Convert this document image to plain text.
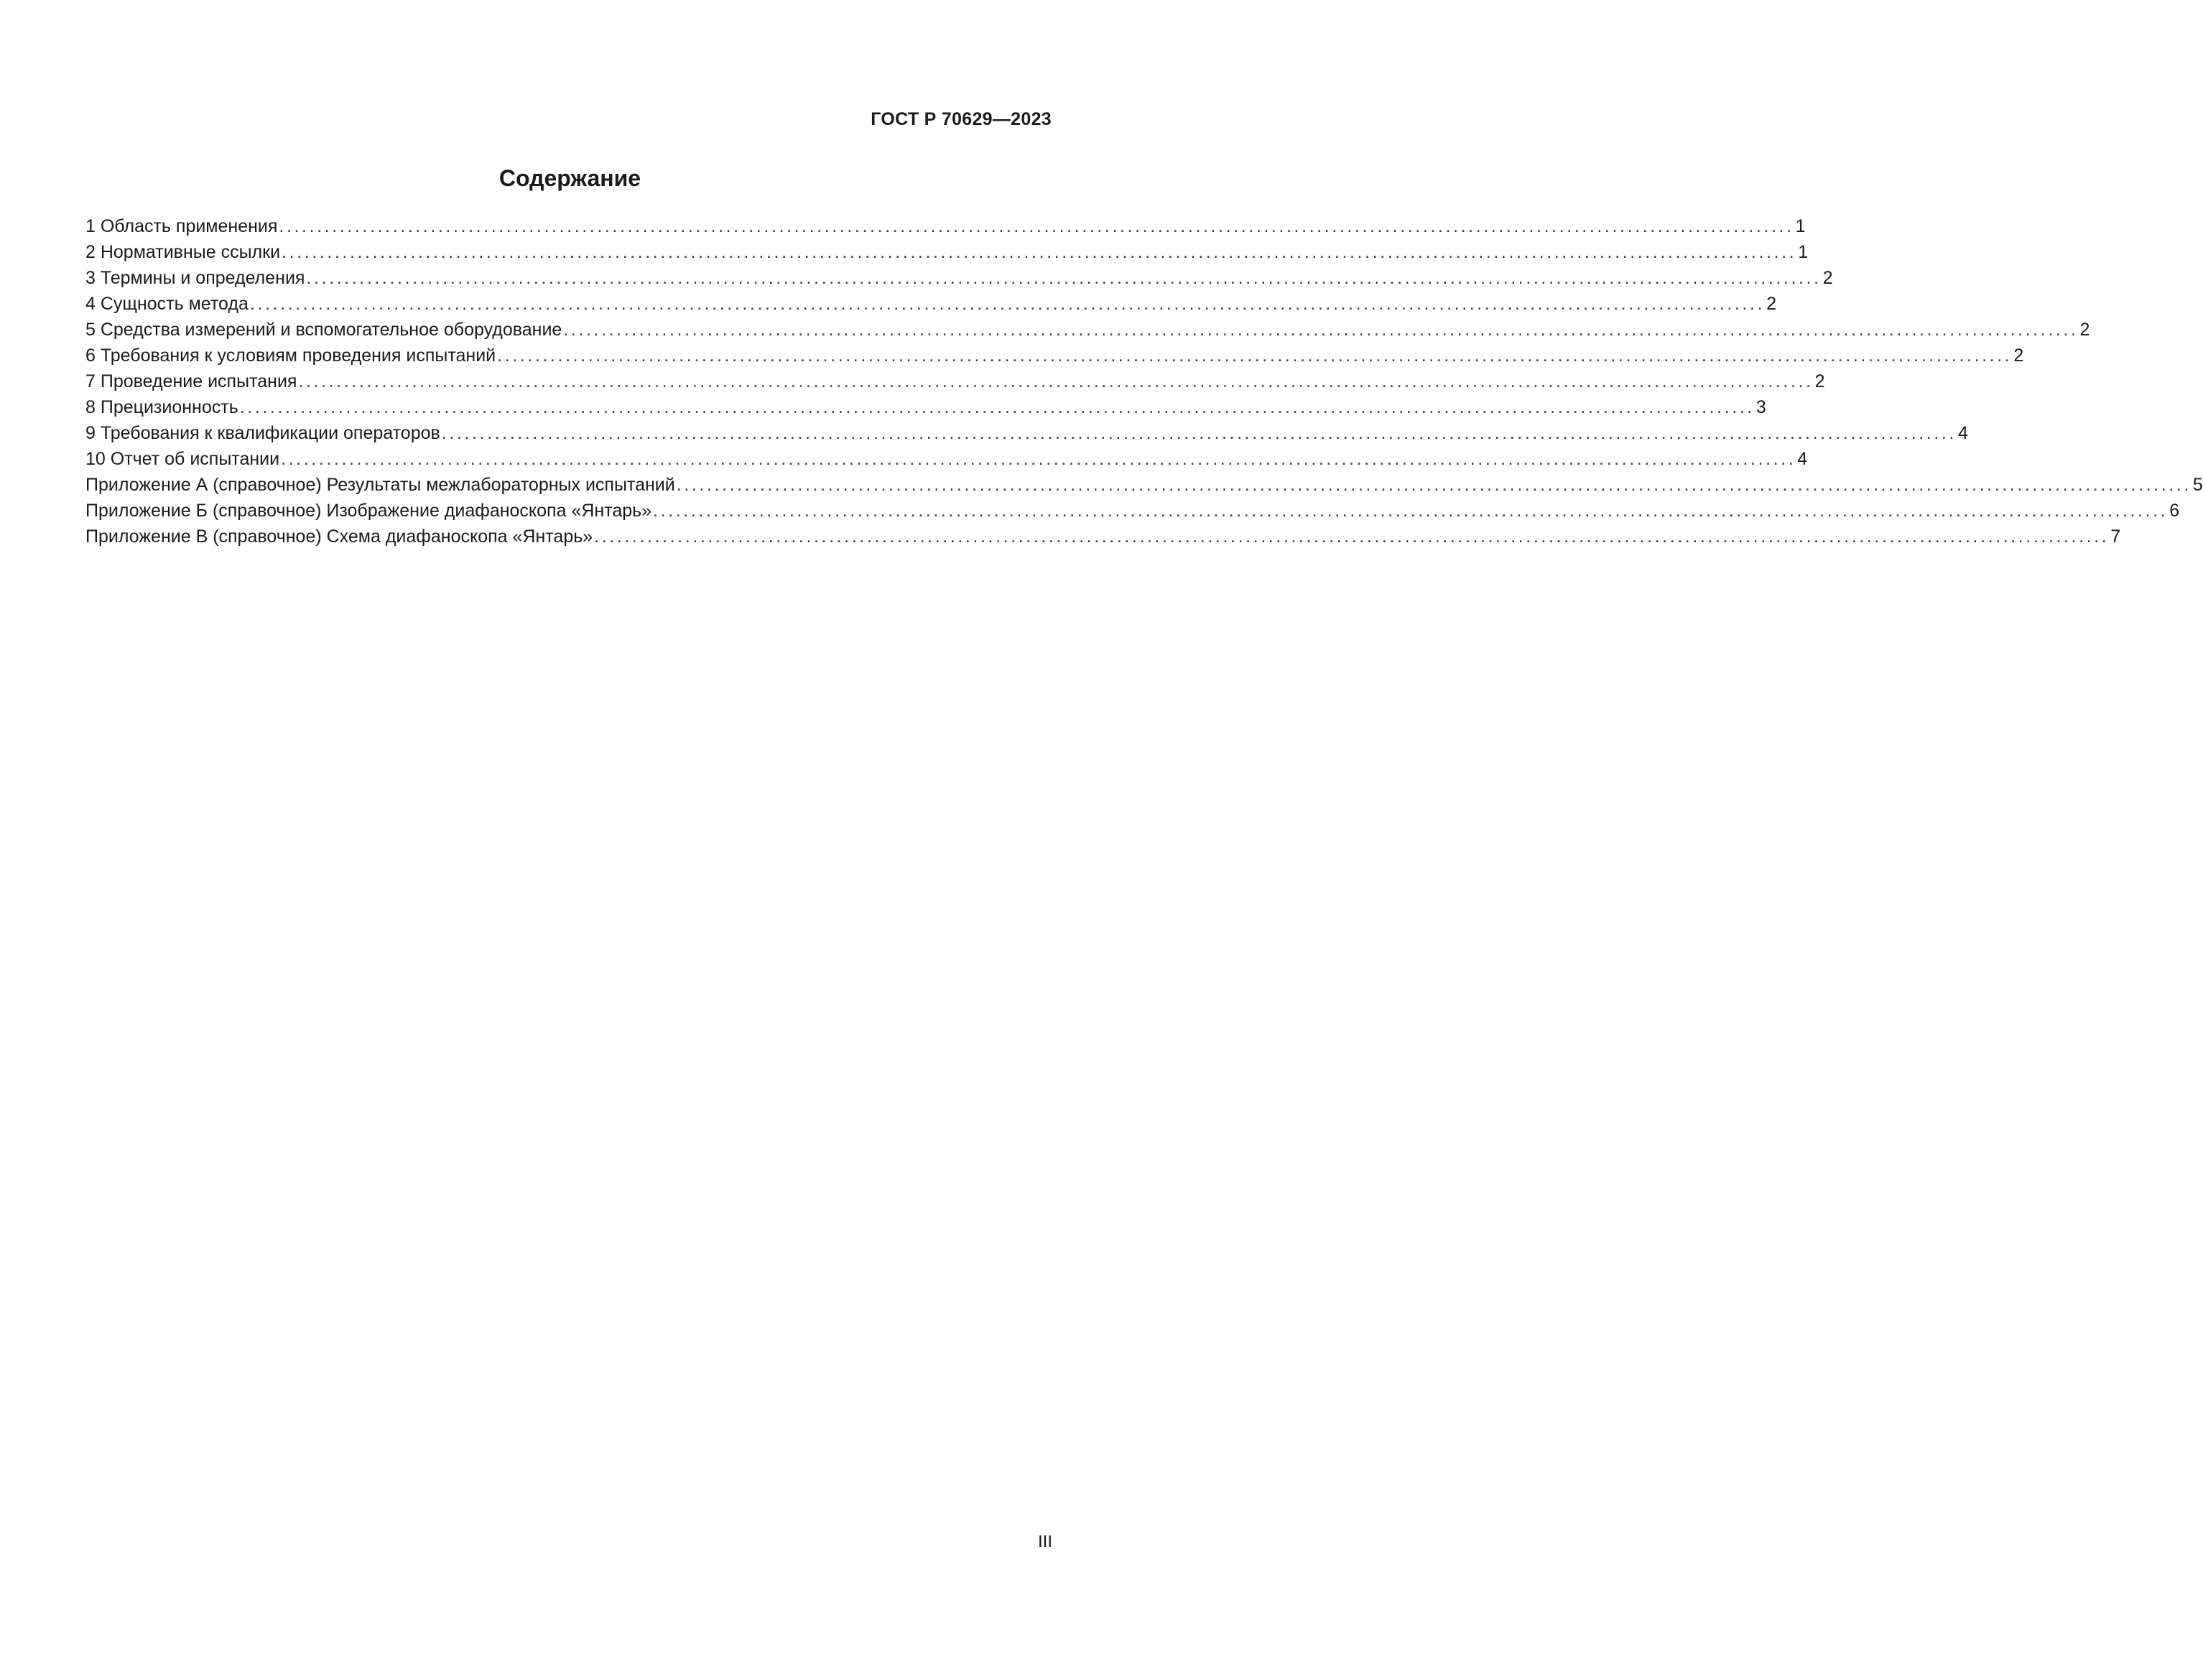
ГОСТ Р 70629—2023
Содержание
1 Область применения ........................................................................................................................................................................................................ 1
2 Нормативные ссылки ........................................................................................................................................................................................................ 1
3 Термины и определения ........................................................................................................................................................................................................ 2
4 Сущность метода ........................................................................................................................................................................................................ 2
5 Средства измерений и вспомогательное оборудование ........................................................................................................................................................................................................ 2
6 Требования к условиям проведения испытаний ........................................................................................................................................................................................................ 2
7 Проведение испытания ........................................................................................................................................................................................................ 2
8 Прецизионность ........................................................................................................................................................................................................ 3
9 Требования к квалификации операторов ........................................................................................................................................................................................................ 4
10 Отчет об испытании ........................................................................................................................................................................................................ 4
Приложение А (справочное) Результаты межлабораторных испытаний ........................................................................................................................................................................................................ 5
Приложение Б (справочное) Изображение диафаноскопа «Янтарь» ........................................................................................................................................................................................................ 6
Приложение В (справочное) Схема диафаноскопа «Янтарь» ........................................................................................................................................................................................................ 7
III
